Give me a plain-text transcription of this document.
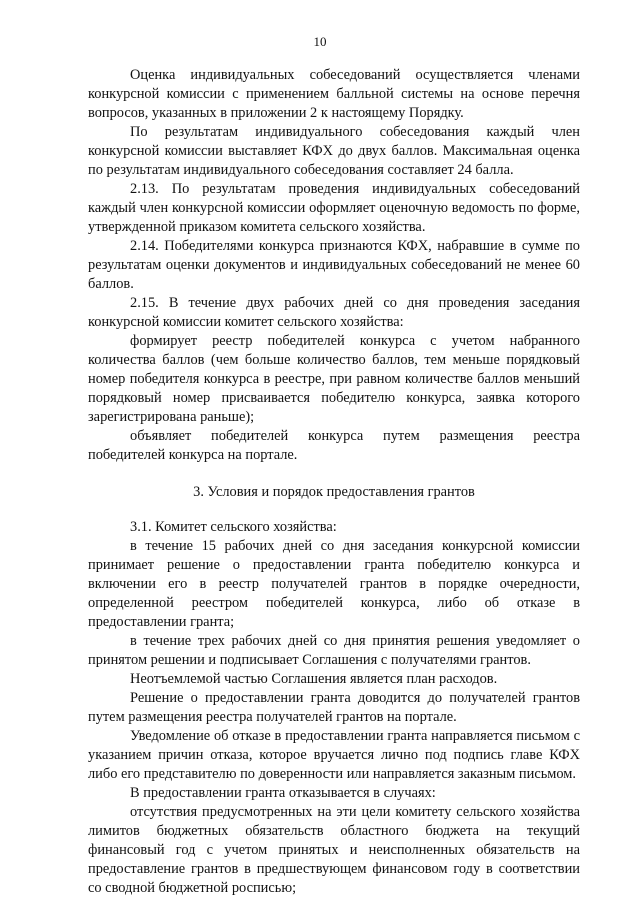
10

Оценка индивидуальных собеседований осуществляется членами конкурсной комиссии с применением балльной системы на основе перечня вопросов, указанных в приложении 2 к настоящему Порядку.

По результатам индивидуального собеседования каждый член конкурсной комиссии выставляет КФХ до двух баллов. Максимальная оценка по результатам индивидуального собеседования составляет 24 балла.

2.13. По результатам проведения индивидуальных собеседований каждый член конкурсной комиссии оформляет оценочную ведомость по форме, утвержденной приказом комитета сельского хозяйства.

2.14. Победителями конкурса признаются КФХ, набравшие в сумме по результатам оценки документов и индивидуальных собеседований не менее 60 баллов.

2.15. В течение двух рабочих дней со дня проведения заседания конкурсной комиссии комитет сельского хозяйства:

формирует реестр победителей конкурса с учетом набранного количества баллов (чем больше количество баллов, тем меньше порядковый номер победителя конкурса в реестре, при равном количестве баллов меньший порядковый номер присваивается победителю конкурса, заявка которого зарегистрирована раньше);

объявляет победителей конкурса путем размещения реестра победителей конкурса на портале.

3. Условия и порядок предоставления грантов

3.1. Комитет сельского хозяйства:

в течение 15 рабочих дней со дня заседания конкурсной комиссии принимает решение о предоставлении гранта победителю конкурса и включении его в реестр получателей грантов в порядке очередности, определенной реестром победителей конкурса, либо об отказе в предоставлении гранта;

в течение трех рабочих дней со дня принятия решения уведомляет о принятом решении и подписывает Соглашения с получателями грантов.

Неотъемлемой частью Соглашения является план расходов.

Решение о предоставлении гранта доводится до получателей грантов путем размещения реестра получателей грантов на портале.

Уведомление об отказе в предоставлении гранта направляется письмом с указанием причин отказа, которое вручается лично под подпись главе КФХ либо его представителю по доверенности или направляется заказным письмом.

В предоставлении гранта отказывается в случаях:

отсутствия предусмотренных на эти цели комитету сельского хозяйства лимитов бюджетных обязательств областного бюджета на текущий финансовый год с учетом принятых и неисполненных обязательств на предоставление грантов в предшествующем финансовом году в соответствии со сводной бюджетной росписью;
